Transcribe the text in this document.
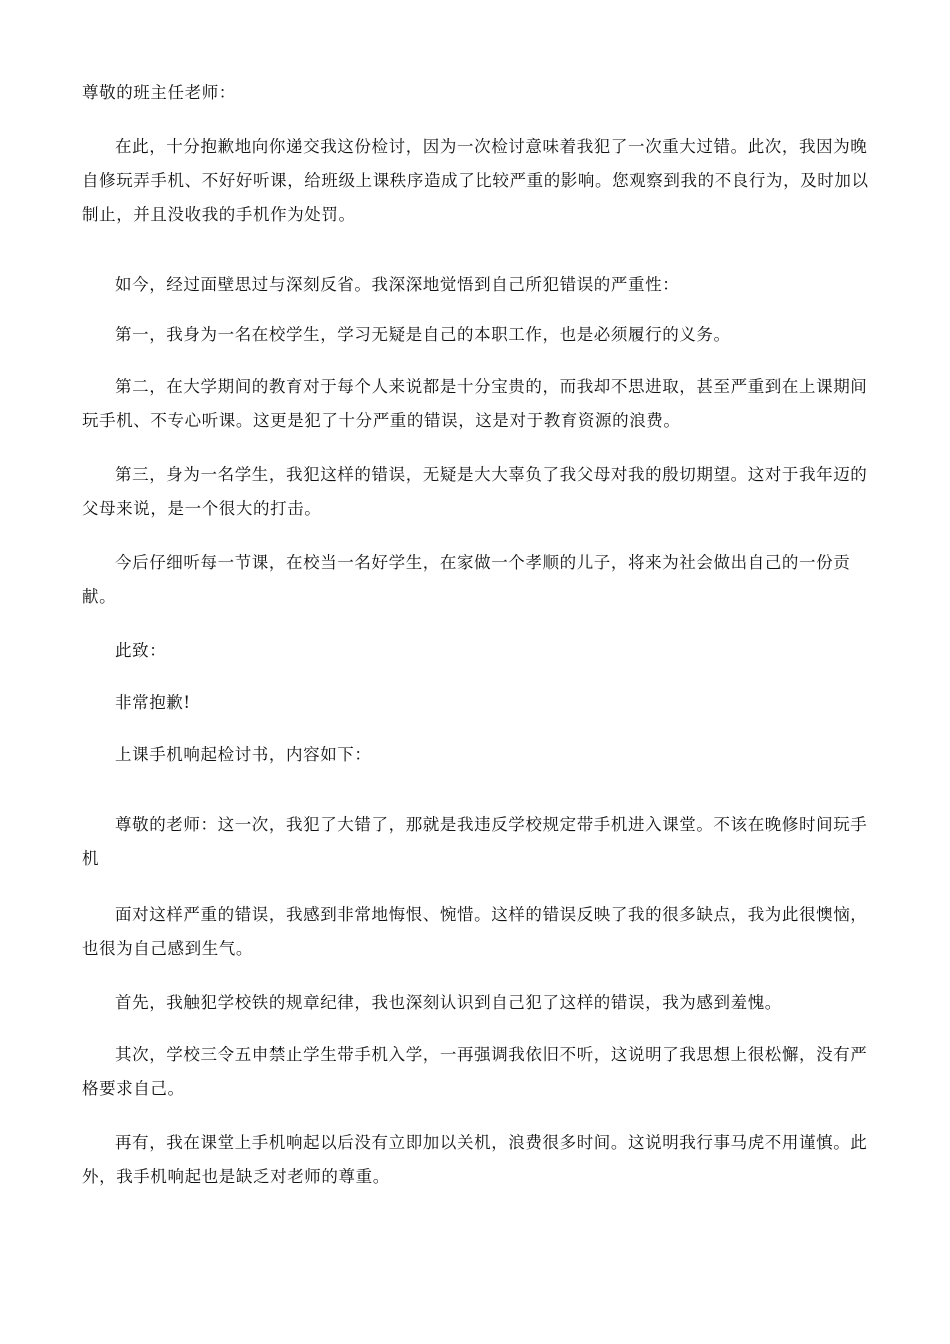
尊敬的班主任老师：

在此，十分抱歉地向你递交我这份检讨，因为一次检讨意味着我犯了一次重大过错。此次，我因为晚自修玩弄手机、不好好听课，给班级上课秩序造成了比较严重的影响。您观察到我的不良行为，及时加以制止，并且没收我的手机作为处罚。

如今，经过面壁思过与深刻反省。我深深地觉悟到自己所犯错误的严重性：

第一，我身为一名在校学生，学习无疑是自己的本职工作，也是必须履行的义务。

第二，在大学期间的教育对于每个人来说都是十分宝贵的，而我却不思进取，甚至严重到在上课期间玩手机、不专心听课。这更是犯了十分严重的错误，这是对于教育资源的浪费。

第三，身为一名学生，我犯这样的错误，无疑是大大辜负了我父母对我的殷切期望。这对于我年迈的父母来说，是一个很大的打击。

今后仔细听每一节课，在校当一名好学生，在家做一个孝顺的儿子，将来为社会做出自己的一份贡献。

此致：

非常抱歉!

上课手机响起检讨书，内容如下：

尊敬的老师：这一次，我犯了大错了，那就是我违反学校规定带手机进入课堂。不该在晚修时间玩手机

面对这样严重的错误，我感到非常地悔恨、惋惜。这样的错误反映了我的很多缺点，我为此很懊恼，也很为自己感到生气。

首先，我触犯学校铁的规章纪律，我也深刻认识到自己犯了这样的错误，我为感到羞愧。

其次，学校三令五申禁止学生带手机入学，一再强调我依旧不听，这说明了我思想上很松懈，没有严格要求自己。

再有，我在课堂上手机响起以后没有立即加以关机，浪费很多时间。这说明我行事马虎不用谨慎。此外，我手机响起也是缺乏对老师的尊重。
